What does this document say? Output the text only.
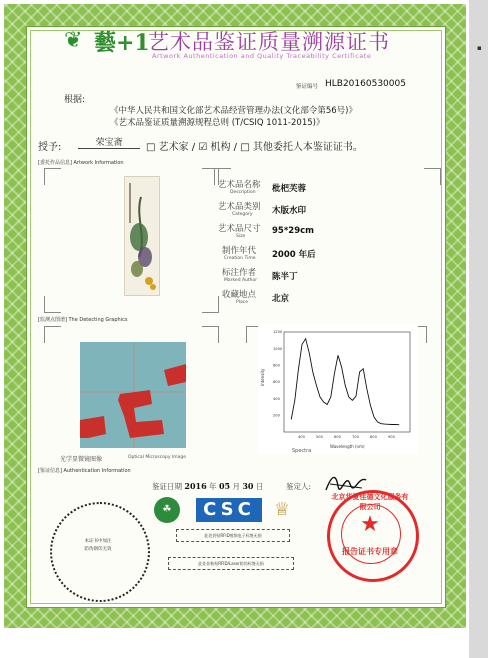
▪
❦ 藝+1
艺术品鉴证质量溯源证书
Artwork Authentication and Quality Traceability Certificate
鉴证编号 HLB20160530005
根据:
《中华人民共和国文化部艺术品经营管理办法(文化部令第56号)》
《艺术品鉴证质量溯源规程总则 (T/CSIQ 1011-2015)》
授予:	荣宝斋	□ 艺术家 / ☑ 机构 / □ 其他委托人本鉴证证书。
[委托作品信息] Artwork Information
艺术品名称
Description	枇杷芙蓉
艺术品类别
Category	木版水印
艺术品尺寸
Size
95*29cm
制作年代
Creation Time 2000 年后
标注作者
Marked Author 陈半丁
收藏地点
Place	北京
[监测点图谱] The Detecting Graphics
光学显微镜图像	Optical Microscopy Image
Intensity
Wavelength (nm)
400	500	600	700	800	900
200
400
600
800
1000
1200
Spectra
[鉴证信息] Authentication Information
鉴证日期 2016 年 05 月 30 日	鉴定人:
☘	CSC	♕
此处封贴RFID射频电子标签无损
此处非粘贴RFID/Laser防伪标签无损
本证书中加注
防伪钢印无效
北京华夏佳德文化服务有限公司
★
报告证书专用章
